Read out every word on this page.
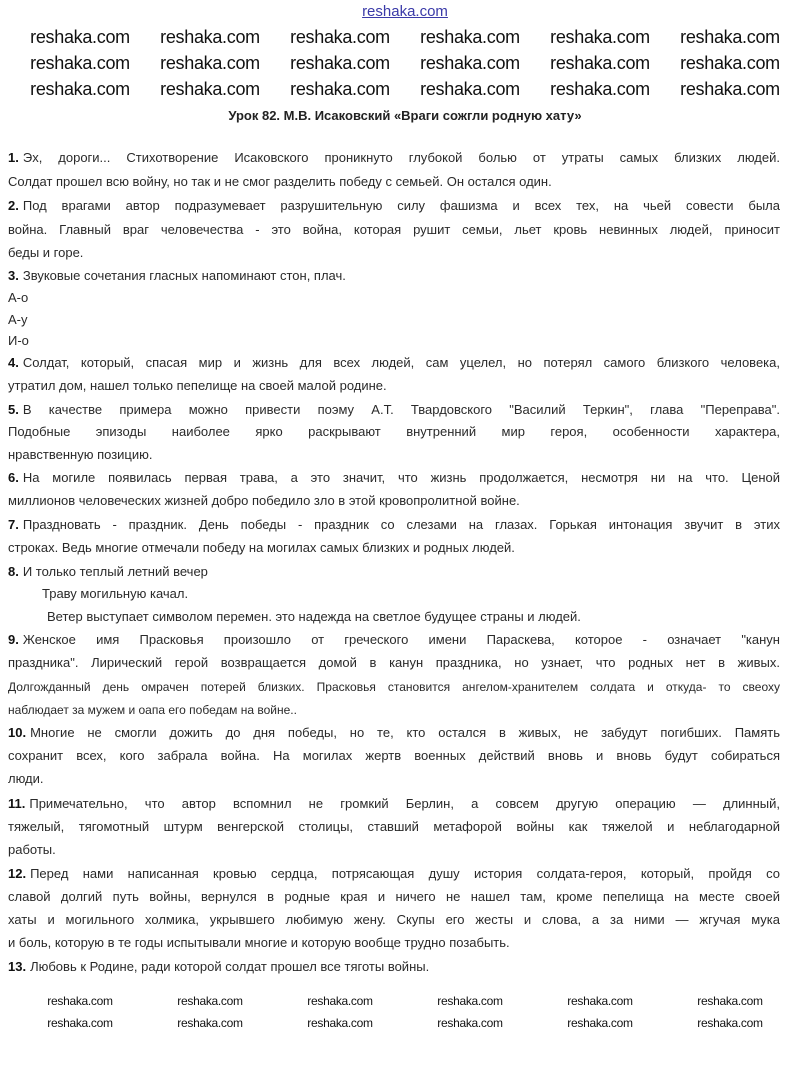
reshaka.com
reshaka.com	reshaka.com	reshaka.com	reshaka.com	reshaka.com	reshaka.com
reshaka.com	reshaka.com	reshaka.com	reshaka.com	reshaka.com	reshaka.com
reshaka.com	reshaka.com	reshaka.com	reshaka.com	reshaka.com	reshaka.com
Урок 82. М.В. Исаковский «Враги сожгли родную хату»
1. Эх, дороги... Стихотворение Исаковского проникнуто глубокой болью от утраты самых близких людей.
Солдат прошел всю войну, но так и не смог разделить победу с семьей. Он остался один.
2. Под врагами автор подразумевает разрушительную силу фашизма и всех тех, на чьей совести была
война. Главный враг человечества - это война, которая рушит семьи, льет кровь невинных людей, приносит
беды и горе.
3. Звуковые сочетания гласных напоминают стон, плач.
А-о
А-у
И-о
4. Солдат, который, спасая мир и жизнь для всех людей, сам уцелел, но потерял самого близкого человека,
утратил дом, нашел только пепелище на своей малой родине.
5. В качестве примера можно привести поэму А.Т. Твардовского "Василий Теркин", глава "Переправа".
Подобные эпизоды наиболее ярко раскрывают внутренний мир героя, особенности характера,
нравственную позицию.
6. На могиле появилась первая трава, а это значит, что жизнь продолжается, несмотря ни на что. Ценой
миллионов человеческих жизней добро победило зло в этой кровопролитной войне.
7. Праздновать - праздник. День победы - праздник со слезами на глазах. Горькая интонация звучит в этих
строках. Ведь многие отмечали победу на могилах самых близких и родных людей.
8. И только теплый летний вечер
Траву могильную качал.
Ветер выступает символом перемен. это надежда на светлое будущее страны и людей.
9. Женское имя Прасковья произошло от греческого имени Параскева, которое - означает "канун
праздника". Лирический герой возвращается домой в канун праздника, но узнает, что родных нет в живых.
Долгожданный день омрачен потерей близких. Прасковья становится ангелом-хранителем солдата и откуда- то свеоху
наблюдает за мужем и оапа его победам на войне..
10. Многие не смогли дожить до дня победы, но те, кто остался в живых, не забудут погибших. Память
сохранит всех, кого забрала война. На могилах жертв военных действий вновь и вновь будут собираться
люди.
11. Примечательно, что автор вспомнил не громкий Берлин, а совсем другую операцию — длинный,
тяжелый, тягомотный штурм венгерской столицы, ставший метафорой войны как тяжелой и неблагодарной
работы.
12. Перед нами написанная кровью сердца, потрясающая душу история солдата-героя, который, пройдя со
славой долгий путь войны, вернулся в родные края и ничего не нашел там, кроме пепелища на месте своей
хаты и могильного холмика, укрывшего любимую жену. Скупы его жесты и слова, а за ними — жгучая мука
и боль, которую в те годы испытывали многие и которую вообще трудно позабыть.
13. Любовь к Родине, ради которой солдат прошел все тяготы войны.
reshaka.com	reshaka.com	reshaka.com	reshaka.com	reshaka.com	reshaka.com
reshaka.com	reshaka.com	reshaka.com	reshaka.com	reshaka.com	reshaka.com
